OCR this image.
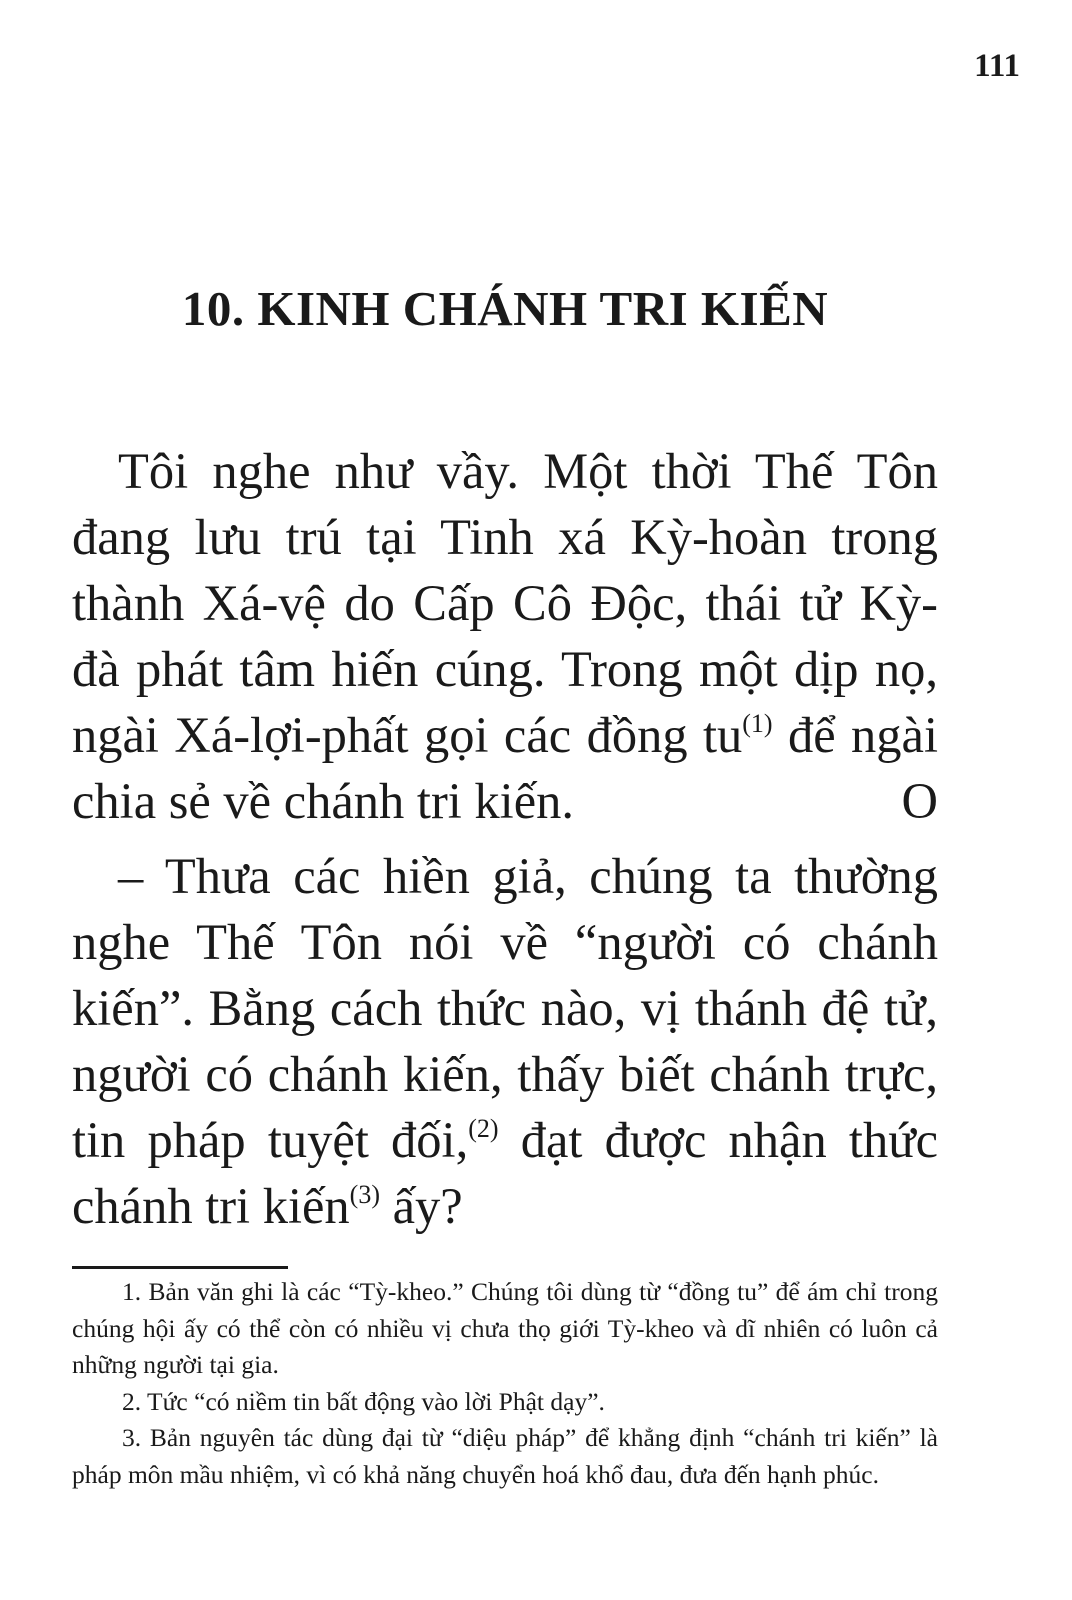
111
10. KINH CHÁNH TRI KIẾN

Tôi nghe như vầy. Một thời Thế Tôn đang lưu trú tại Tinh xá Kỳ-hoàn trong thành Xá-vệ do Cấp Cô Độc, thái tử Kỳ-đà phát tâm hiến cúng. Trong một dịp nọ, ngài Xá-lợi-phất gọi các đồng $tu^{(1)}$ để ngài chia sẻ về chánh tri kiến.	O

– Thưa các hiền giả, chúng ta thường nghe Thế Tôn nói về “người có chánh kiến”. Bằng cách thức nào, vị thánh đệ tử, người có chánh kiến, thấy biết chánh trực, tin pháp tuyệt đối,$^{(2)}$ đạt được nhận thức chánh tri kiến$^{(3)}$ ấy?

1. Bản văn ghi là các “Tỳ-kheo.” Chúng tôi dùng từ “đồng tu” để ám chỉ trong chúng hội ấy có thể còn có nhiều vị chưa thọ giới Tỳ-kheo và dĩ nhiên có luôn cả những người tại gia.

2. Tức “có niềm tin bất động vào lời Phật dạy”.

3. Bản nguyên tác dùng đại từ “diệu pháp” để khẳng định “chánh tri kiến” là pháp môn mầu nhiệm, vì có khả năng chuyển hoá khổ đau, đưa đến hạnh phúc.
